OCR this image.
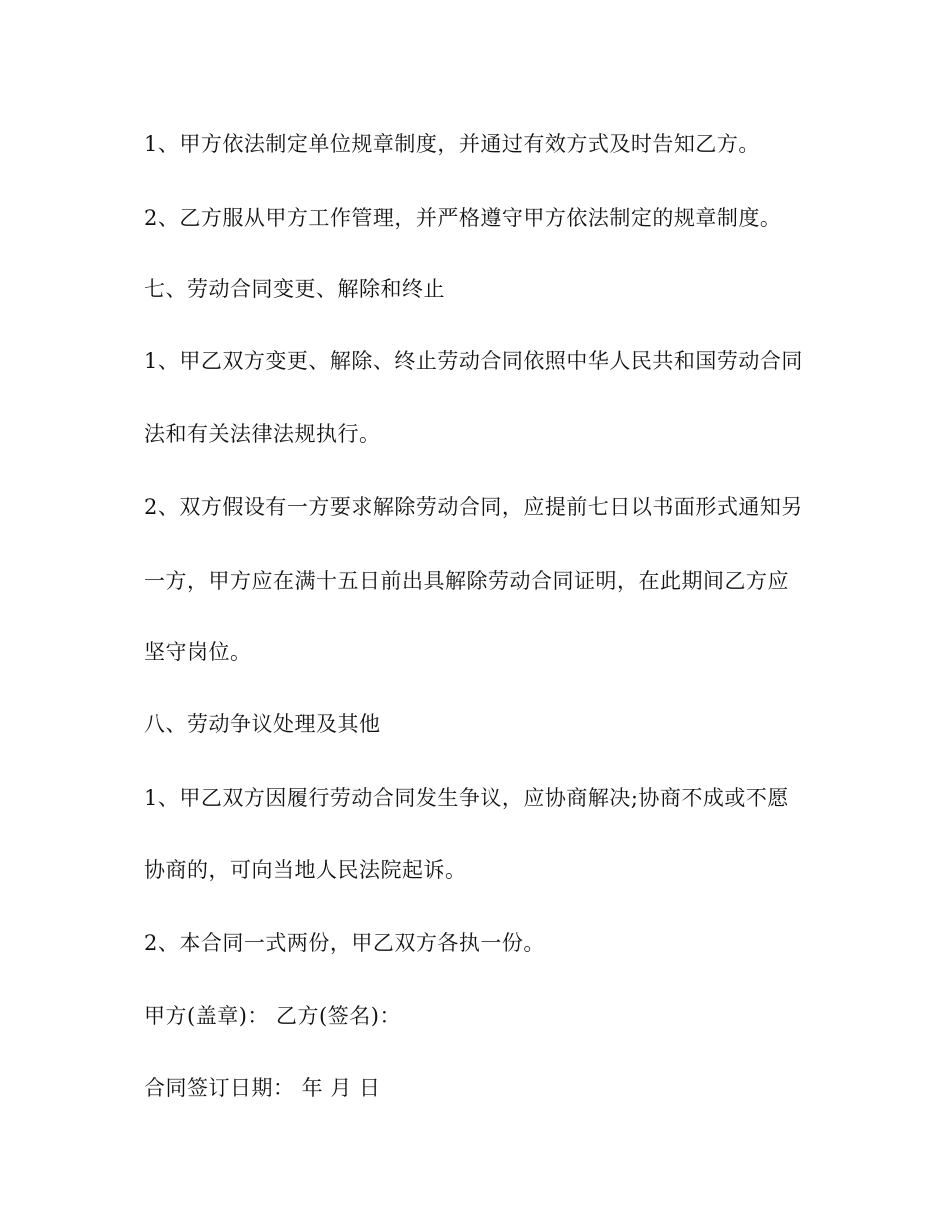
1、甲方依法制定单位规章制度，并通过有效方式及时告知乙方。
2、乙方服从甲方工作管理，并严格遵守甲方依法制定的规章制度。
七、劳动合同变更、解除和终止
1、甲乙双方变更、解除、终止劳动合同依照中华人民共和国劳动合同
法和有关法律法规执行。
2、双方假设有一方要求解除劳动合同，应提前七日以书面形式通知另
一方，甲方应在满十五日前出具解除劳动合同证明，在此期间乙方应
坚守岗位。
八、劳动争议处理及其他
1、甲乙双方因履行劳动合同发生争议，应协商解决;协商不成或不愿
协商的，可向当地人民法院起诉。
2、本合同一式两份，甲乙双方各执一份。
甲方(盖章)： 乙方(签名)：
合同签订日期： 年 月 日
